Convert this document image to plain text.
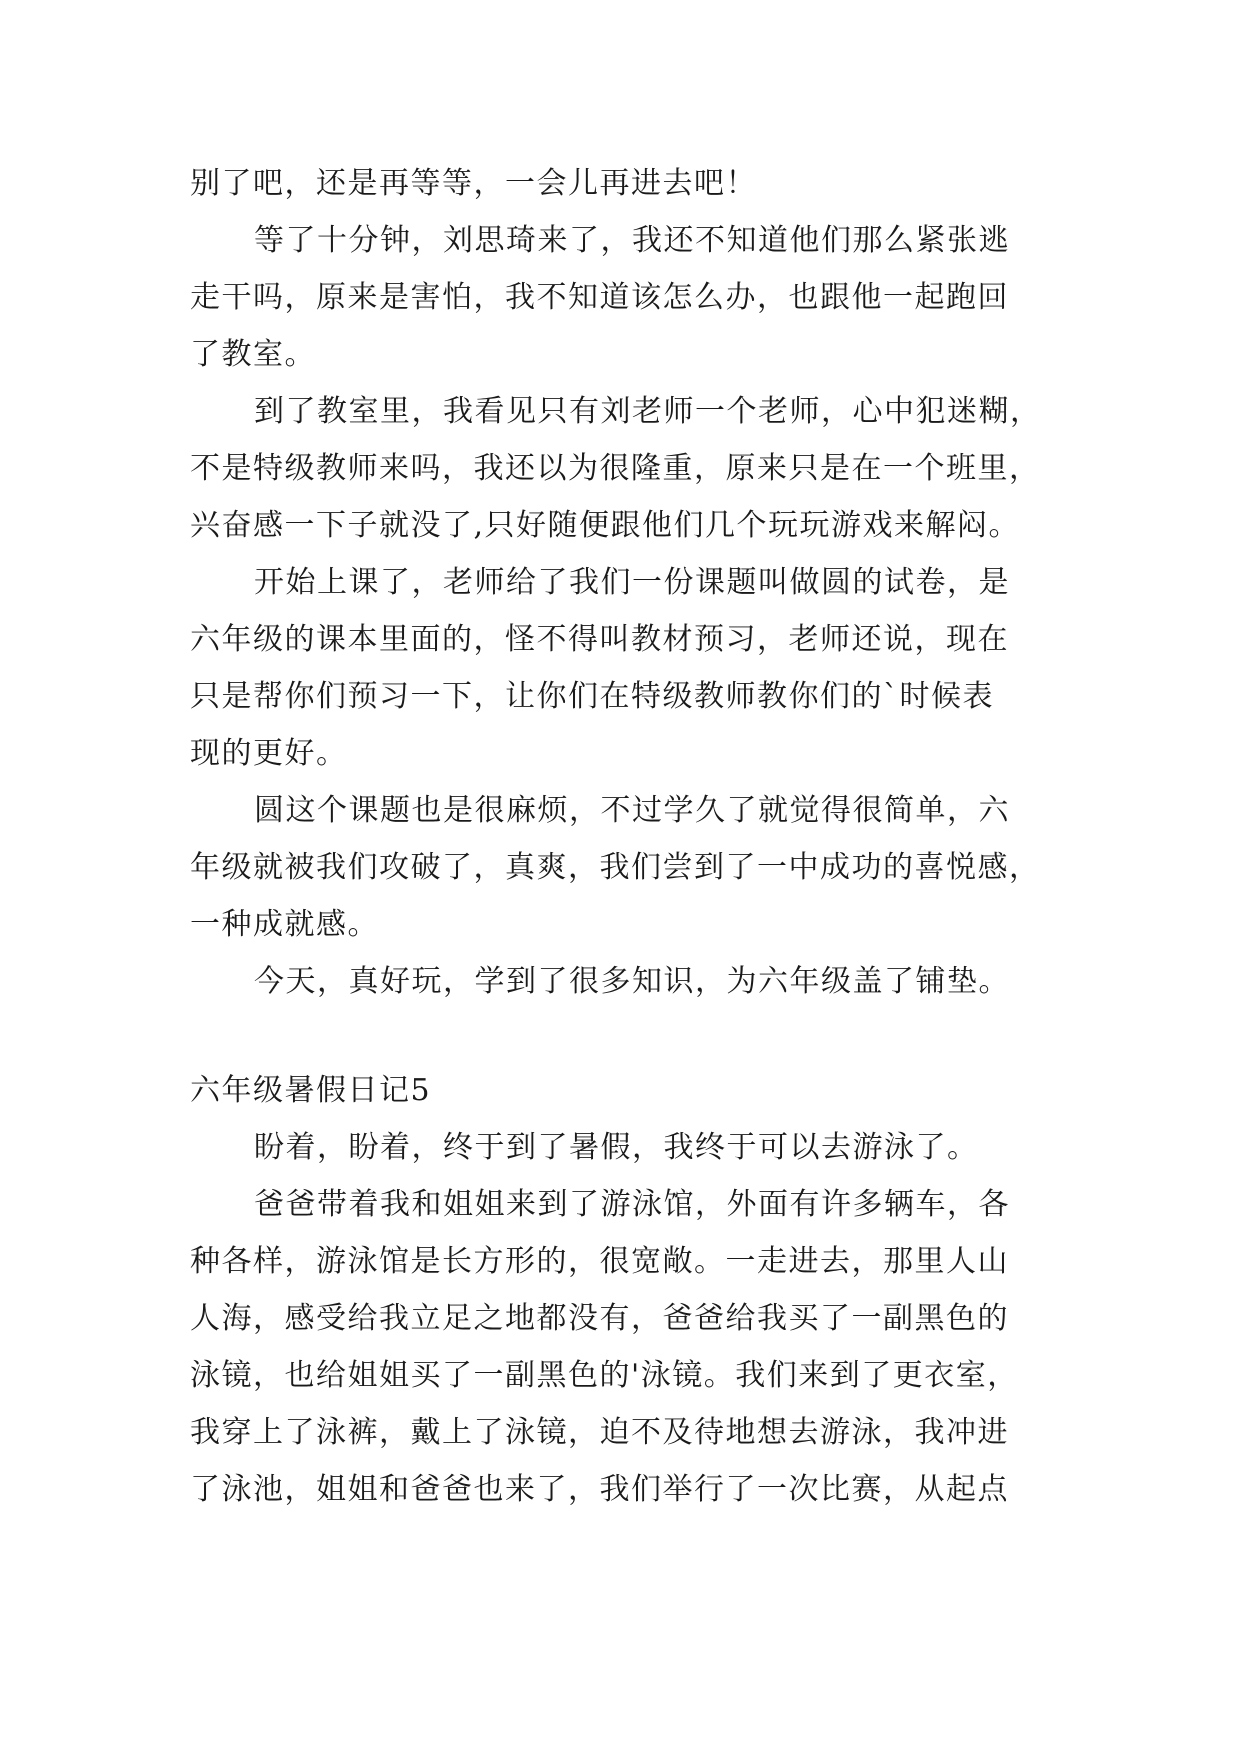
别了吧，还是再等等，一会儿再进去吧！
等了十分钟，刘思琦来了，我还不知道他们那么紧张逃
走干吗，原来是害怕，我不知道该怎么办，也跟他一起跑回
了教室。
到了教室里，我看见只有刘老师一个老师，心中犯迷糊，
不是特级教师来吗，我还以为很隆重，原来只是在一个班里，
兴奋感一下子就没了,只好随便跟他们几个玩玩游戏来解闷。
开始上课了，老师给了我们一份课题叫做圆的试卷，是
六年级的课本里面的，怪不得叫教材预习，老师还说，现在
只是帮你们预习一下，让你们在特级教师教你们的`时候表
现的更好。
圆这个课题也是很麻烦，不过学久了就觉得很简单，六
年级就被我们攻破了，真爽，我们尝到了一中成功的喜悦感，
一种成就感。
今天，真好玩，学到了很多知识，为六年级盖了铺垫。
六年级暑假日记5
盼着，盼着，终于到了暑假，我终于可以去游泳了。
爸爸带着我和姐姐来到了游泳馆，外面有许多辆车，各
种各样，游泳馆是长方形的，很宽敞。一走进去，那里人山
人海，感受给我立足之地都没有，爸爸给我买了一副黑色的
泳镜，也给姐姐买了一副黑色的'泳镜。我们来到了更衣室，
我穿上了泳裤，戴上了泳镜，迫不及待地想去游泳，我冲进
了泳池，姐姐和爸爸也来了，我们举行了一次比赛，从起点
